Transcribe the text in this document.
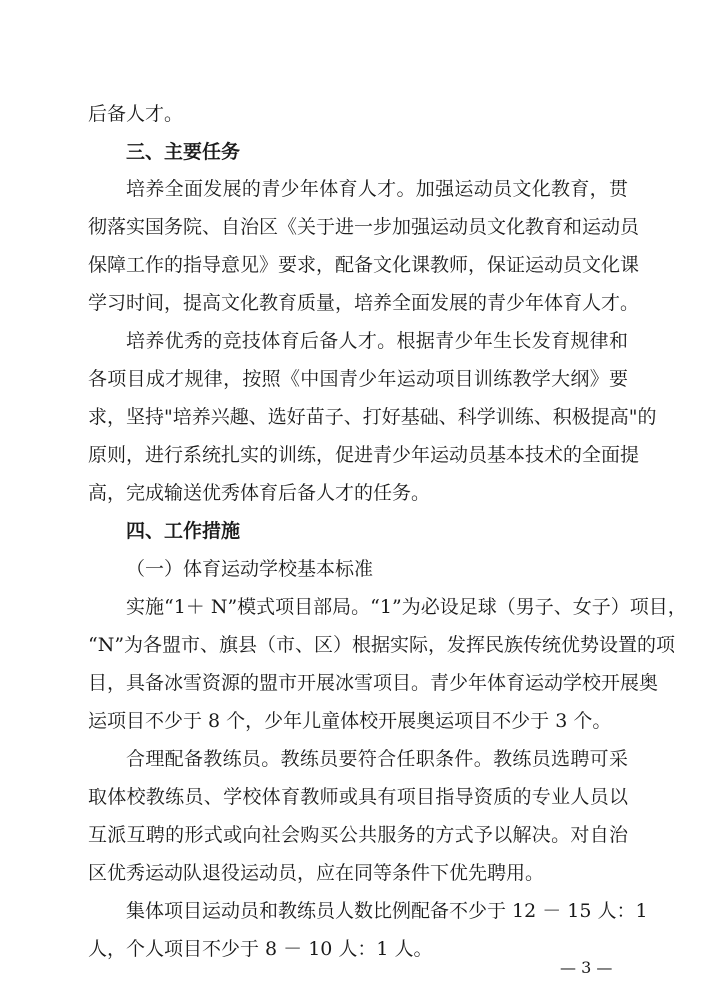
后备人才。
三、主要任务
培养全面发展的青少年体育人才。加强运动员文化教育，贯
彻落实国务院、自治区《关于进一步加强运动员文化教育和运动员
保障工作的指导意见》要求，配备文化课教师，保证运动员文化课
学习时间，提高文化教育质量，培养全面发展的青少年体育人才。
培养优秀的竞技体育后备人才。根据青少年生长发育规律和
各项目成才规律，按照《中国青少年运动项目训练教学大纲》要
求，坚持"培养兴趣、选好苗子、打好基础、科学训练、积极提高"的
原则，进行系统扎实的训练，促进青少年运动员基本技术的全面提
高，完成输送优秀体育后备人才的任务。
四、工作措施
（一）体育运动学校基本标准
实施“1＋ N”模式项目部局。“1”为必设足球（男子、女子）项目，
“N”为各盟市、旗县（市、区）根据实际，发挥民族传统优势设置的项
目，具备冰雪资源的盟市开展冰雪项目。青少年体育运动学校开展奥
运项目不少于 8 个，少年儿童体校开展奥运项目不少于 3 个。
合理配备教练员。教练员要符合任职条件。教练员选聘可采
取体校教练员、学校体育教师或具有项目指导资质的专业人员以
互派互聘的形式或向社会购买公共服务的方式予以解决。对自治
区优秀运动队退役运动员，应在同等条件下优先聘用。
集体项目运动员和教练员人数比例配备不少于 12 － 15 人：1
人，个人项目不少于 8 － 10 人：1 人。
— 3 —
